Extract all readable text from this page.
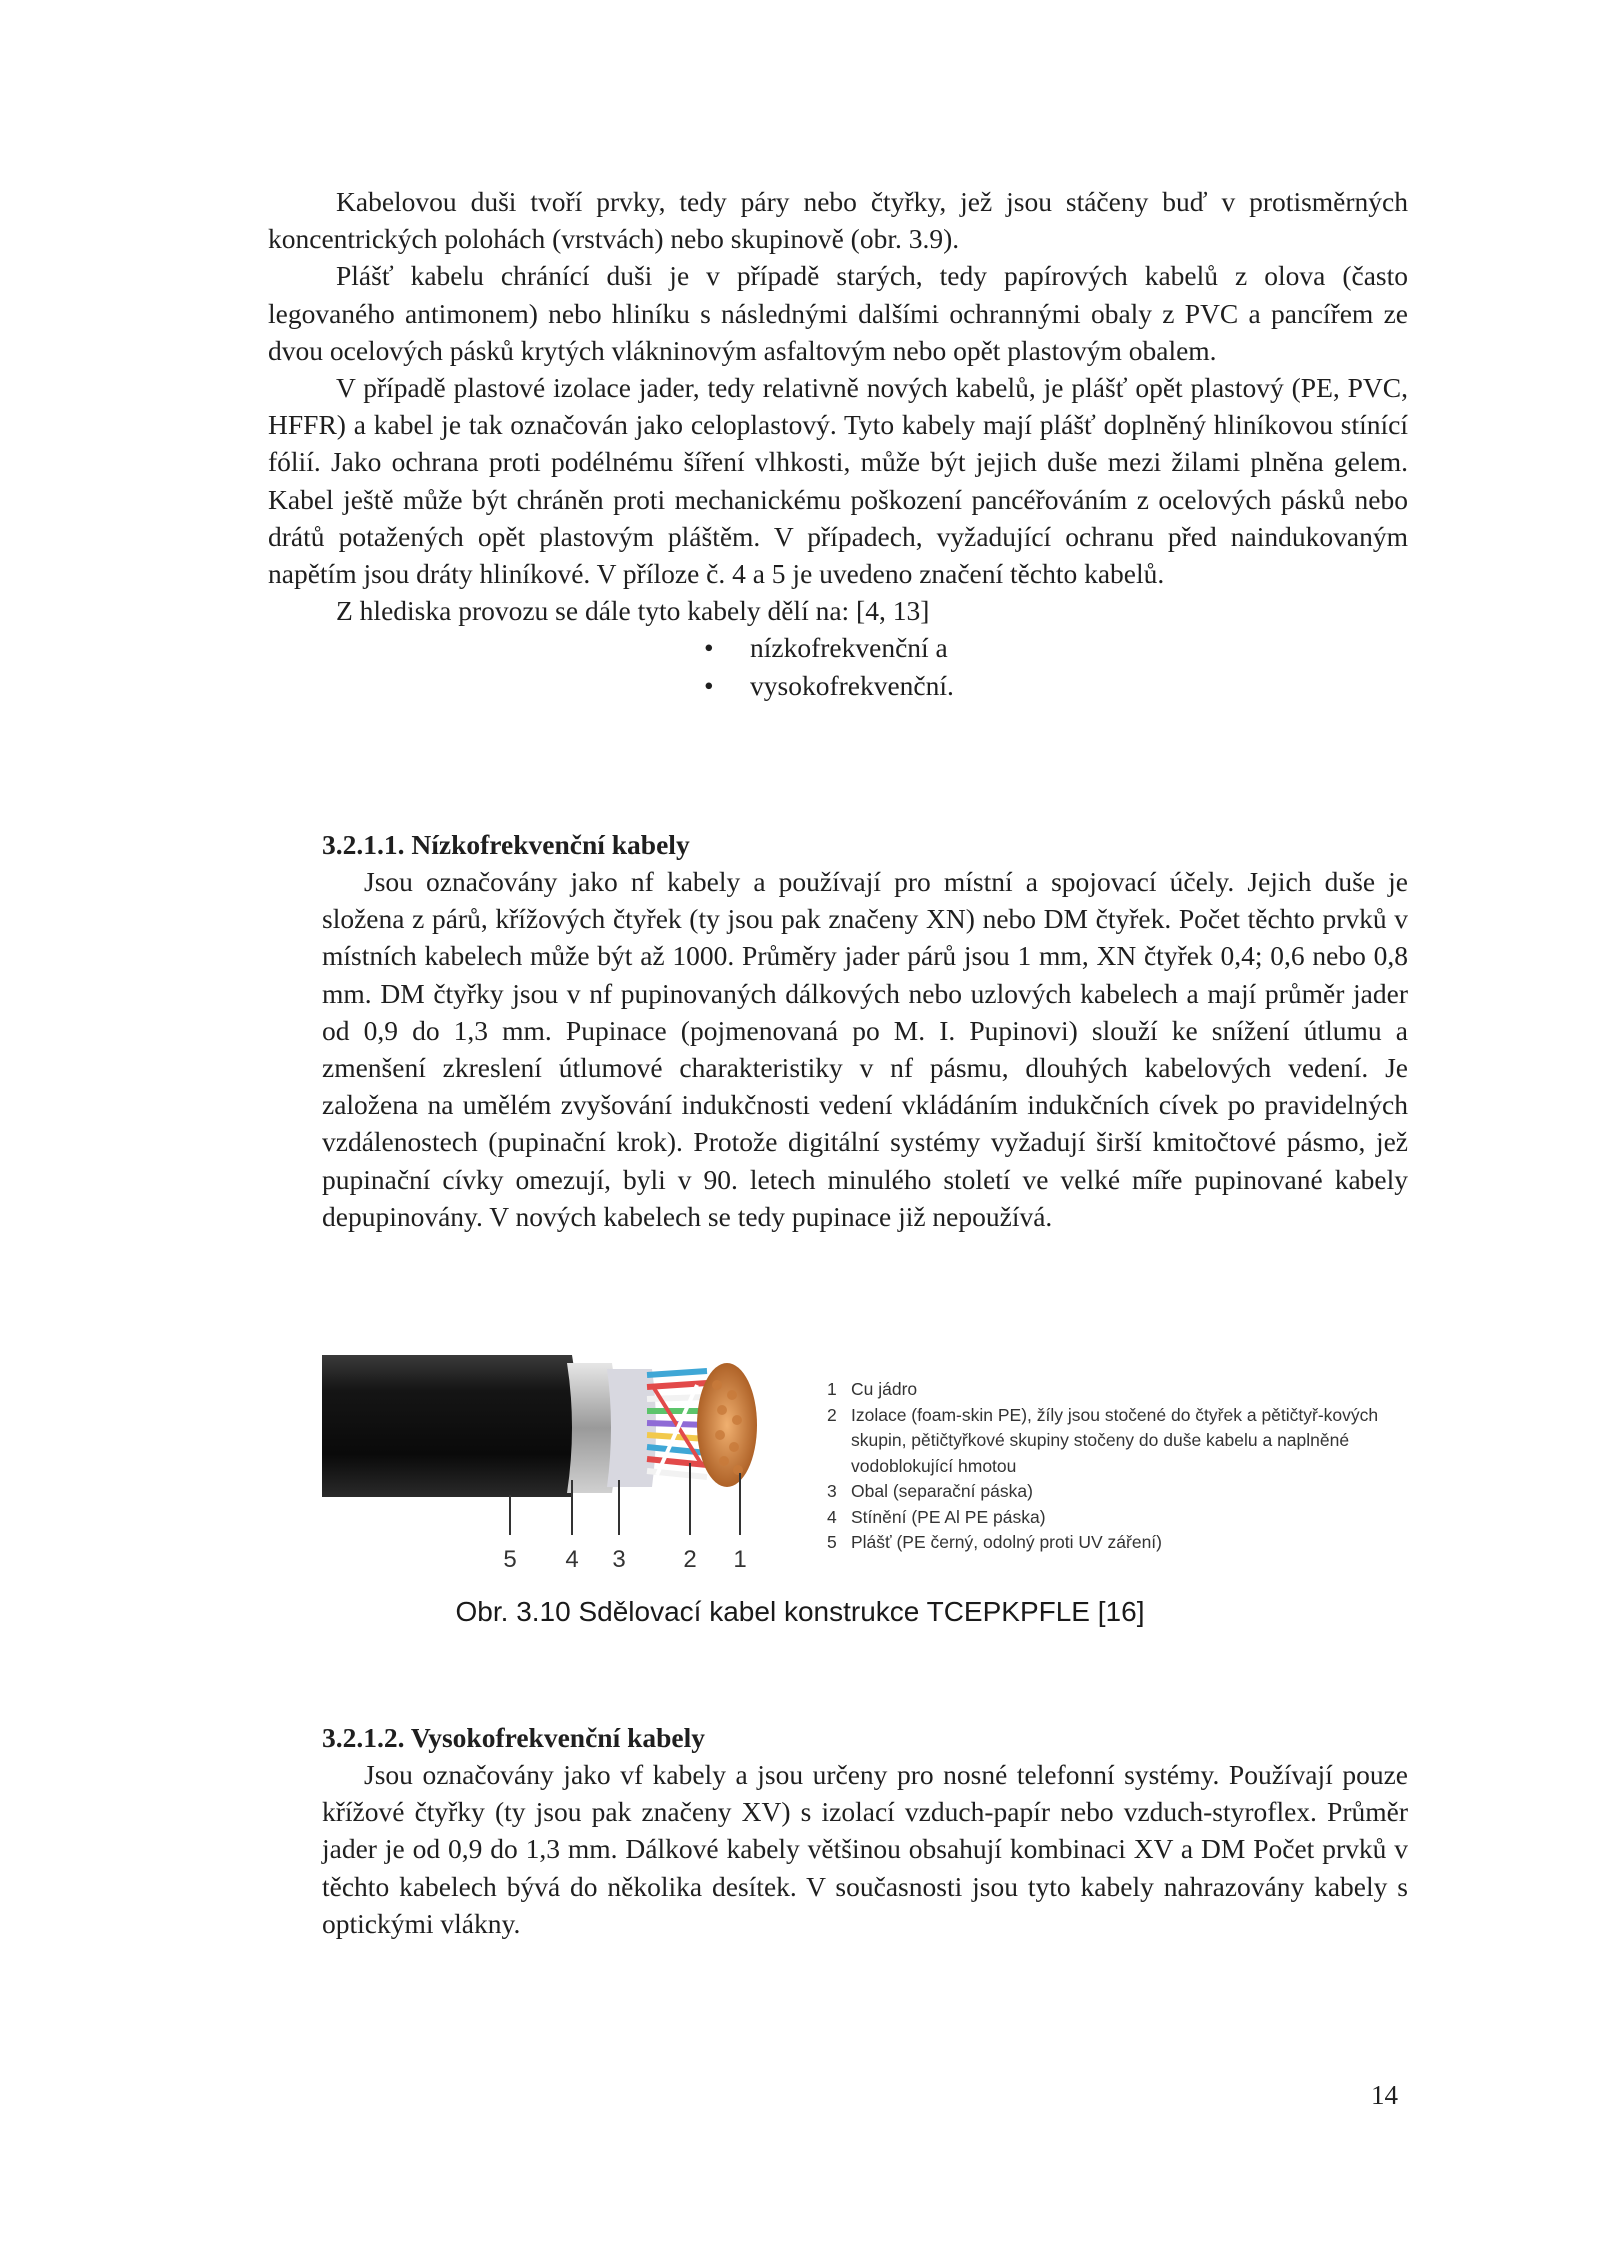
Kabelovou duši tvoří prvky, tedy páry nebo čtyřky, jež jsou stáčeny buď v protisměrných koncentrických polohách (vrstvách) nebo skupinově (obr. 3.9).

Plášť kabelu chránící duši je v případě starých, tedy papírových kabelů z olova (často legovaného antimonem) nebo hliníku s následnými dalšími ochrannými obaly z PVC a pancířem ze dvou ocelových pásků krytých vlákninovým asfaltovým nebo opět plastovým obalem.

V případě plastové izolace jader, tedy relativně nových kabelů, je plášť opět plastový (PE, PVC, HFFR) a kabel je tak označován jako celoplastový. Tyto kabely mají plášť doplněný hliníkovou stínící fólií. Jako ochrana proti podélnému šíření vlhkosti, může být jejich duše mezi žilami plněna gelem. Kabel ještě může být chráněn proti mechanickému poškození pancéřováním z ocelových pásků nebo drátů potažených opět plastovým pláštěm. V případech, vyžadující ochranu před naindukovaným napětím jsou dráty hliníkové. V příloze č. 4 a 5 je uvedeno značení těchto kabelů.

Z hlediska provozu se dále tyto kabely dělí na: [4, 13]

• nízkofrekvenční a
• vysokofrekvenční.
3.2.1.1. Nízkofrekvenční kabely

Jsou označovány jako nf kabely a používají pro místní a spojovací účely. Jejich duše je složena z párů, křížových čtyřek (ty jsou pak značeny XN) nebo DM čtyřek. Počet těchto prvků v místních kabelech může být až 1000. Průměry jader párů jsou 1 mm, XN čtyřek 0,4; 0,6 nebo 0,8 mm. DM čtyřky jsou v nf pupinovaných dálkových nebo uzlových kabelech a mají průměr jader od 0,9 do 1,3 mm. Pupinace (pojmenovaná po M. I. Pupinovi) slouží ke snížení útlumu a zmenšení zkreslení útlumové charakteristiky v nf pásmu, dlouhých kabelových vedení. Je založena na umělém zvyšování indukčnosti vedení vkládáním indukčních cívek po pravidelných vzdálenostech (pupinační krok). Protože digitální systémy vyžadují širší kmitočtové pásmo, jež pupinační cívky omezují, byli v 90. letech minulého století ve velké míře pupinované kabely depupinovány. V nových kabelech se tedy pupinace již nepoužívá.

5 4 3 2 1
1 Cu jádro
2 Izolace (foam-skin PE), žíly jsou stočené do čtyřek a pětičtyř-kových skupin, pětičtyřkové skupiny stočeny do duše kabelu a naplněné vodoblokující hmotou
3 Obal (separační páska)
4 Stínění (PE Al PE páska)
5 Plášť (PE černý, odolný proti UV záření)
Obr. 3.10 Sdělovací kabel konstrukce TCEPKPFLE [16]
3.2.1.2. Vysokofrekvenční kabely

Jsou označovány jako vf kabely a jsou určeny pro nosné telefonní systémy. Používají pouze křížové čtyřky (ty jsou pak značeny XV) s izolací vzduch-papír nebo vzduch-styroflex. Průměr jader je od 0,9 do 1,3 mm. Dálkové kabely většinou obsahují kombinaci XV a DM Počet prvků v těchto kabelech bývá do několika desítek. V současnosti jsou tyto kabely nahrazovány kabely s optickými vlákny.

14
